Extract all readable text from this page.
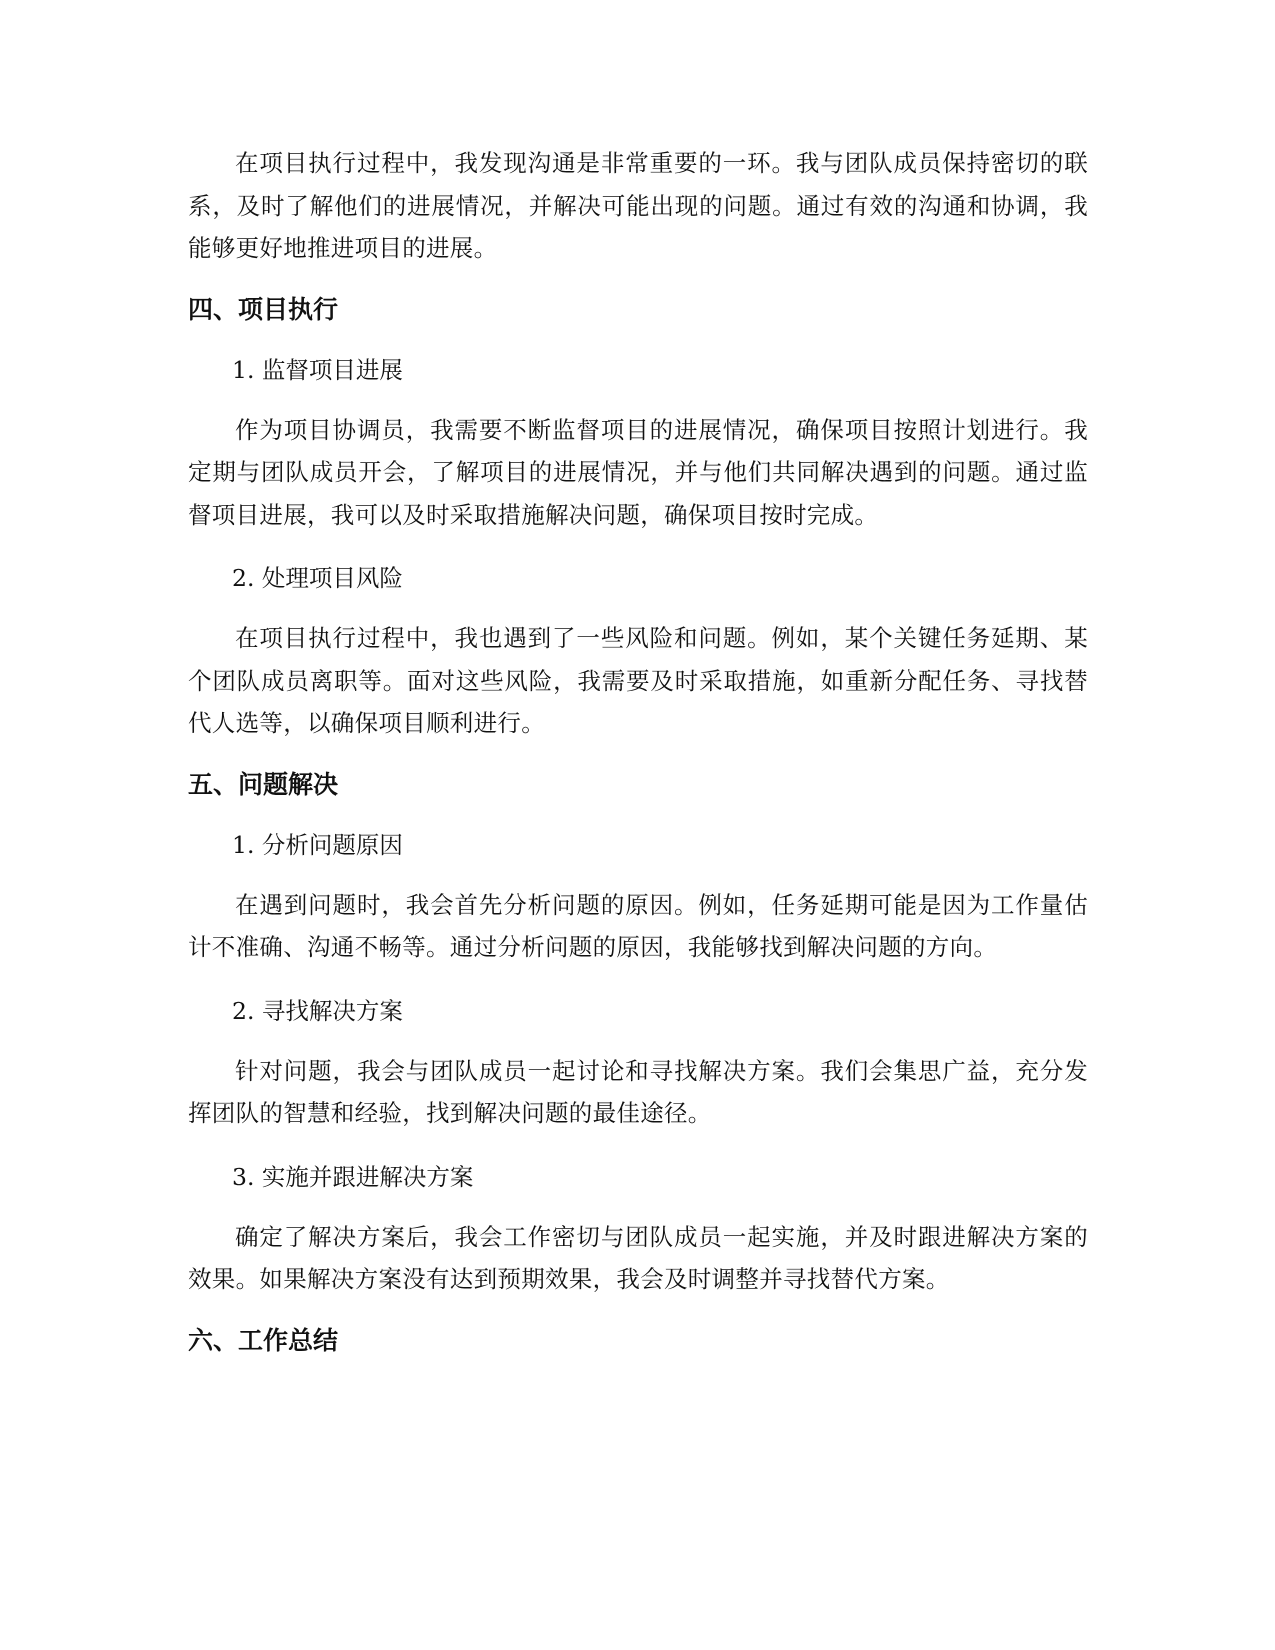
在项目执行过程中，我发现沟通是非常重要的一环。我与团队成员保持密切的联系，及时了解他们的进展情况，并解决可能出现的问题。通过有效的沟通和协调，我能够更好地推进项目的进展。

四、项目执行

1. 监督项目进展

作为项目协调员，我需要不断监督项目的进展情况，确保项目按照计划进行。我定期与团队成员开会，了解项目的进展情况，并与他们共同解决遇到的问题。通过监督项目进展，我可以及时采取措施解决问题，确保项目按时完成。

2. 处理项目风险

在项目执行过程中，我也遇到了一些风险和问题。例如，某个关键任务延期、某个团队成员离职等。面对这些风险，我需要及时采取措施，如重新分配任务、寻找替代人选等，以确保项目顺利进行。

五、问题解决

1. 分析问题原因

在遇到问题时，我会首先分析问题的原因。例如，任务延期可能是因为工作量估计不准确、沟通不畅等。通过分析问题的原因，我能够找到解决问题的方向。

2. 寻找解决方案

针对问题，我会与团队成员一起讨论和寻找解决方案。我们会集思广益，充分发挥团队的智慧和经验，找到解决问题的最佳途径。

3. 实施并跟进解决方案

确定了解决方案后，我会工作密切与团队成员一起实施，并及时跟进解决方案的效果。如果解决方案没有达到预期效果，我会及时调整并寻找替代方案。

六、工作总结
